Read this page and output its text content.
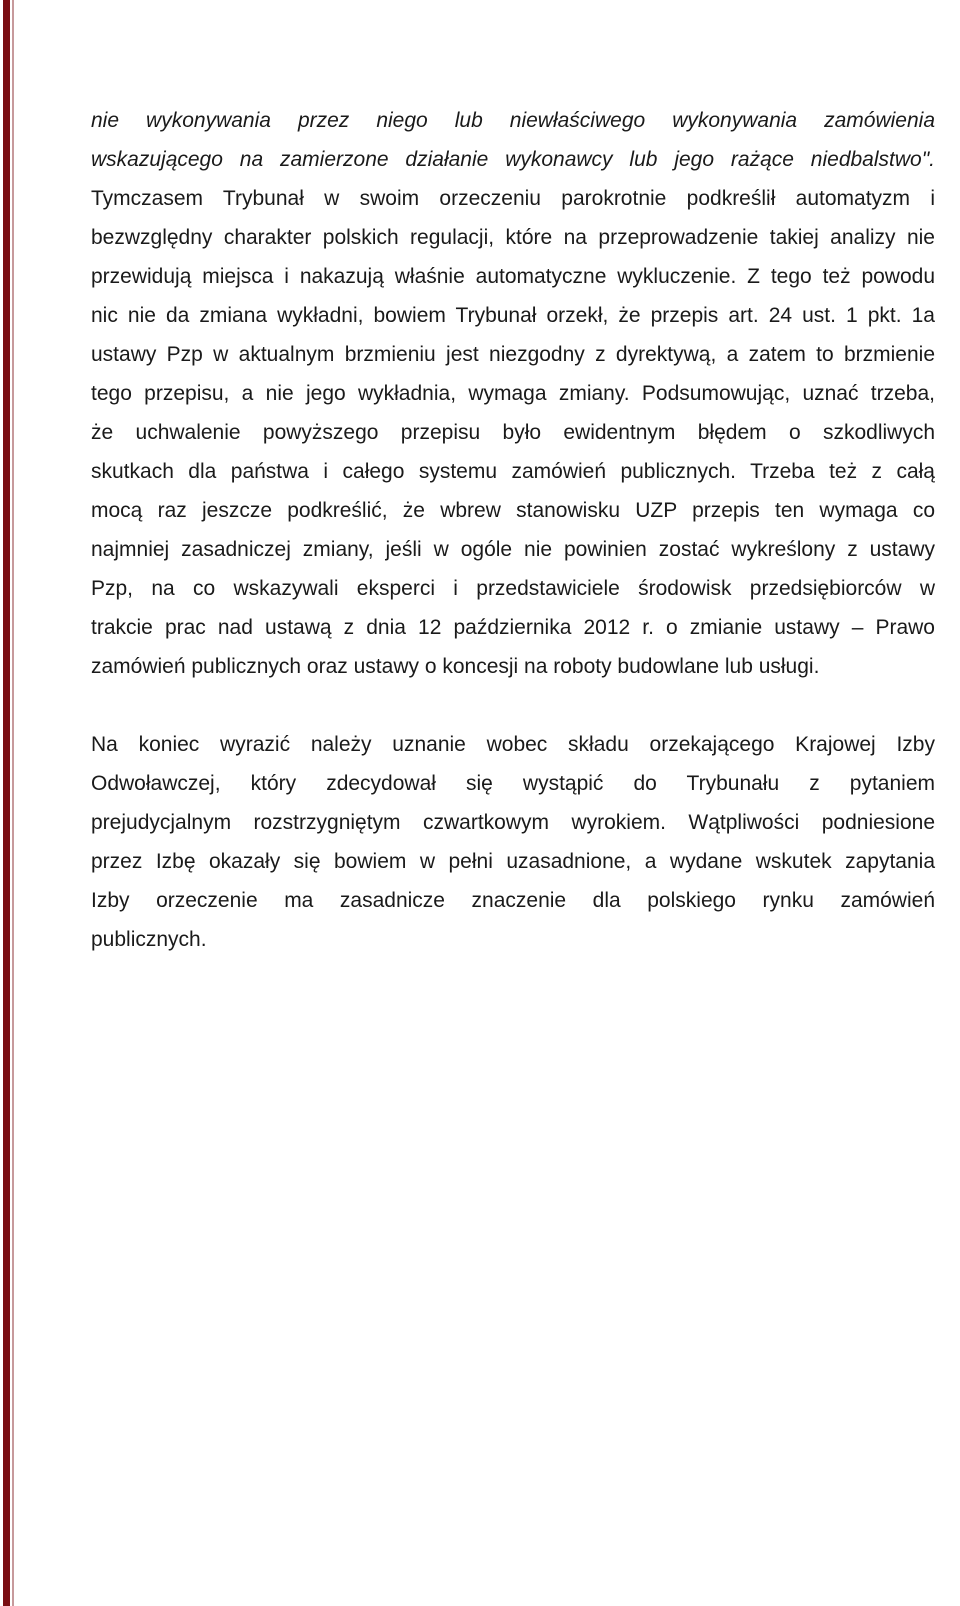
nie wykonywania przez niego lub niewłaściwego wykonywania zamówienia
wskazującego na zamierzone działanie wykonawcy lub jego rażące niedbalstwo".
Tymczasem Trybunał w swoim orzeczeniu parokrotnie podkreślił automatyzm i
bezwzględny charakter polskich regulacji, które na przeprowadzenie takiej analizy nie
przewidują miejsca i nakazują właśnie automatyczne wykluczenie. Z tego też powodu
nic nie da zmiana wykładni, bowiem Trybunał orzekł, że przepis art. 24 ust. 1 pkt. 1a
ustawy Pzp w aktualnym brzmieniu jest niezgodny z dyrektywą, a zatem to brzmienie
tego przepisu, a nie jego wykładnia, wymaga zmiany. Podsumowując, uznać trzeba,
że uchwalenie powyższego przepisu było ewidentnym błędem o szkodliwych
skutkach dla państwa i całego systemu zamówień publicznych. Trzeba też z całą
mocą raz jeszcze podkreślić, że wbrew stanowisku UZP przepis ten wymaga co
najmniej zasadniczej zmiany, jeśli w ogóle nie powinien zostać wykreślony z ustawy
Pzp, na co wskazywali eksperci i przedstawiciele środowisk przedsiębiorców w
trakcie prac nad ustawą z dnia 12 października 2012 r. o zmianie ustawy – Prawo
zamówień publicznych oraz ustawy o koncesji na roboty budowlane lub usługi.

Na koniec wyrazić należy uznanie wobec składu orzekającego Krajowej Izby
Odwoławczej, który zdecydował się wystąpić do Trybunału z pytaniem
prejudycjalnym rozstrzygniętym czwartkowym wyrokiem. Wątpliwości podniesione
przez Izbę okazały się bowiem w pełni uzasadnione, a wydane wskutek zapytania
Izby orzeczenie ma zasadnicze znaczenie dla polskiego rynku zamówień
publicznych.
